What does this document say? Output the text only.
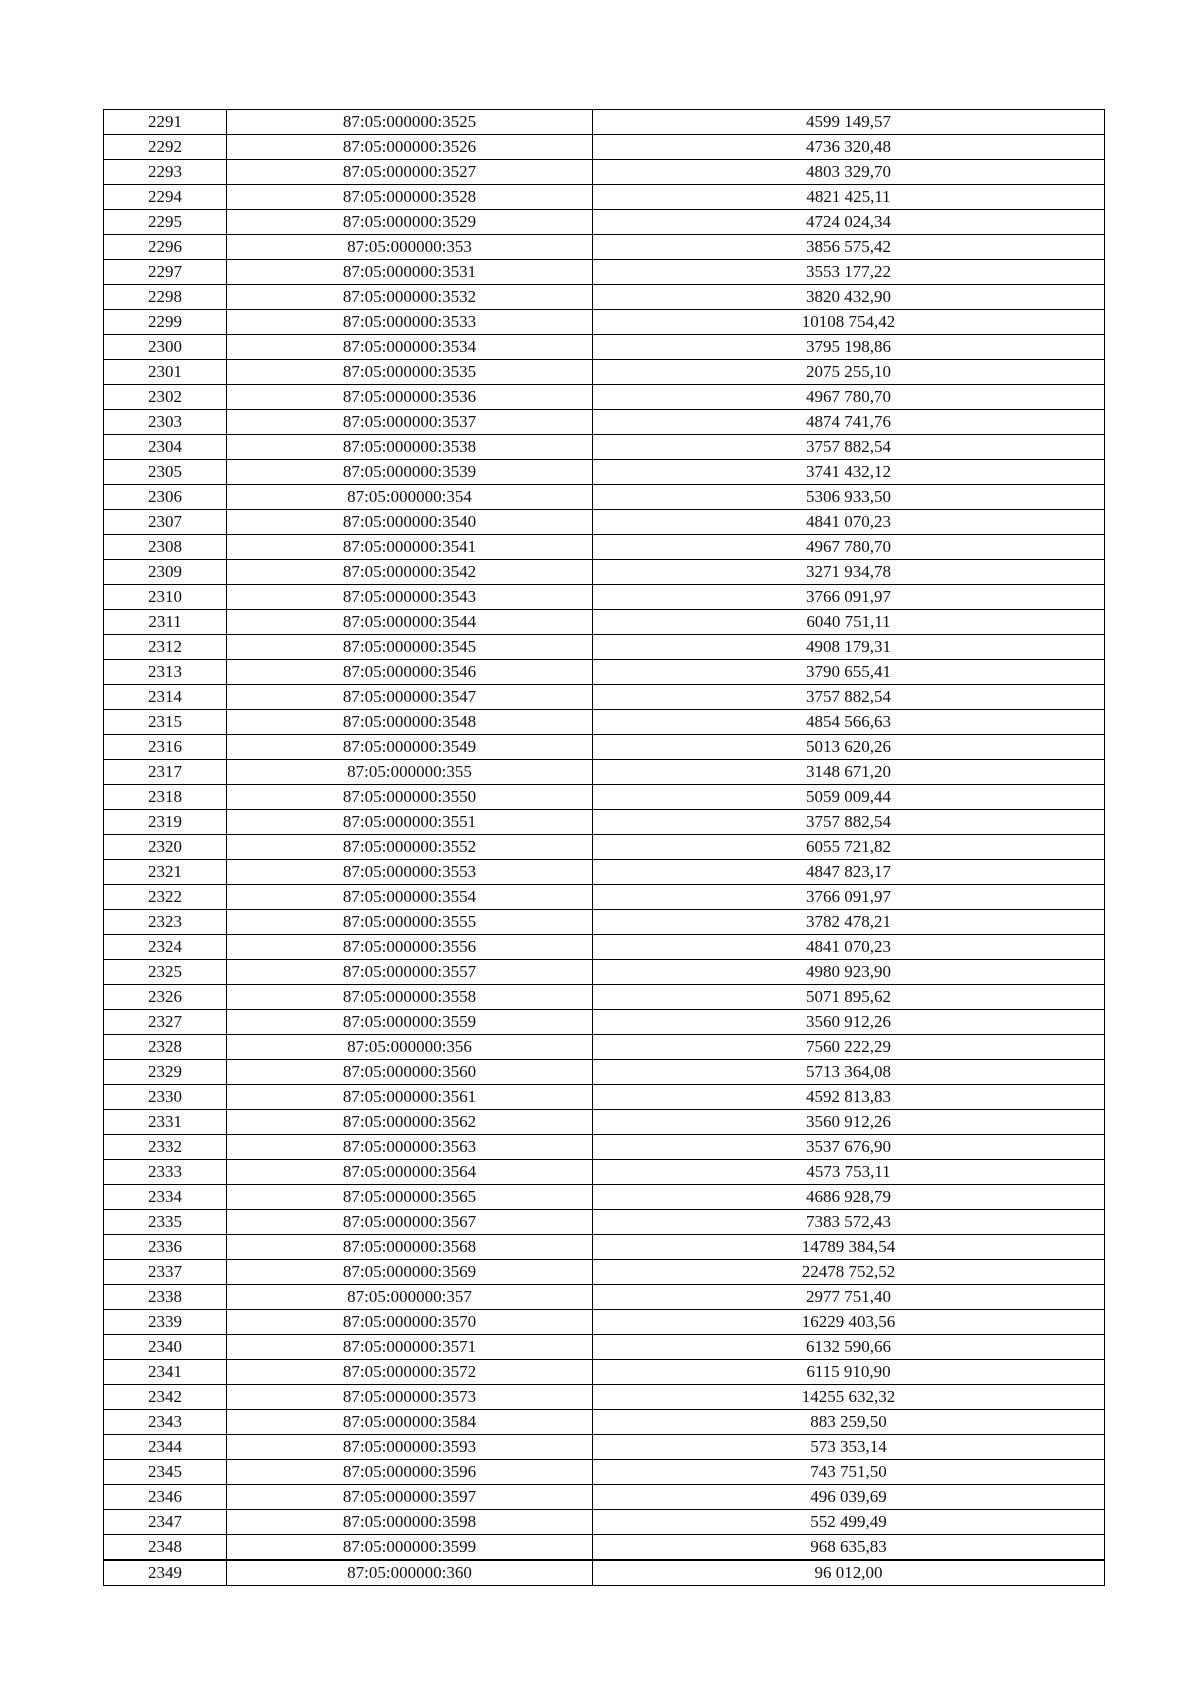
2291	87:05:000000:3525	4599 149,57
2292	87:05:000000:3526	4736 320,48
2293	87:05:000000:3527	4803 329,70
2294	87:05:000000:3528	4821 425,11
2295	87:05:000000:3529	4724 024,34
2296	87:05:000000:353	3856 575,42
2297	87:05:000000:3531	3553 177,22
2298	87:05:000000:3532	3820 432,90
2299	87:05:000000:3533	10108 754,42
2300	87:05:000000:3534	3795 198,86
2301	87:05:000000:3535	2075 255,10
2302	87:05:000000:3536	4967 780,70
2303	87:05:000000:3537	4874 741,76
2304	87:05:000000:3538	3757 882,54
2305	87:05:000000:3539	3741 432,12
2306	87:05:000000:354	5306 933,50
2307	87:05:000000:3540	4841 070,23
2308	87:05:000000:3541	4967 780,70
2309	87:05:000000:3542	3271 934,78
2310	87:05:000000:3543	3766 091,97
2311	87:05:000000:3544	6040 751,11
2312	87:05:000000:3545	4908 179,31
2313	87:05:000000:3546	3790 655,41
2314	87:05:000000:3547	3757 882,54
2315	87:05:000000:3548	4854 566,63
2316	87:05:000000:3549	5013 620,26
2317	87:05:000000:355	3148 671,20
2318	87:05:000000:3550	5059 009,44
2319	87:05:000000:3551	3757 882,54
2320	87:05:000000:3552	6055 721,82
2321	87:05:000000:3553	4847 823,17
2322	87:05:000000:3554	3766 091,97
2323	87:05:000000:3555	3782 478,21
2324	87:05:000000:3556	4841 070,23
2325	87:05:000000:3557	4980 923,90
2326	87:05:000000:3558	5071 895,62
2327	87:05:000000:3559	3560 912,26
2328	87:05:000000:356	7560 222,29
2329	87:05:000000:3560	5713 364,08
2330	87:05:000000:3561	4592 813,83
2331	87:05:000000:3562	3560 912,26
2332	87:05:000000:3563	3537 676,90
2333	87:05:000000:3564	4573 753,11
2334	87:05:000000:3565	4686 928,79
2335	87:05:000000:3567	7383 572,43
2336	87:05:000000:3568	14789 384,54
2337	87:05:000000:3569	22478 752,52
2338	87:05:000000:357	2977 751,40
2339	87:05:000000:3570	16229 403,56
2340	87:05:000000:3571	6132 590,66
2341	87:05:000000:3572	6115 910,90
2342	87:05:000000:3573	14255 632,32
2343	87:05:000000:3584	883 259,50
2344	87:05:000000:3593	573 353,14
2345	87:05:000000:3596	743 751,50
2346	87:05:000000:3597	496 039,69
2347	87:05:000000:3598	552 499,49
2348	87:05:000000:3599	968 635,83
2349	87:05:000000:360	96 012,00
